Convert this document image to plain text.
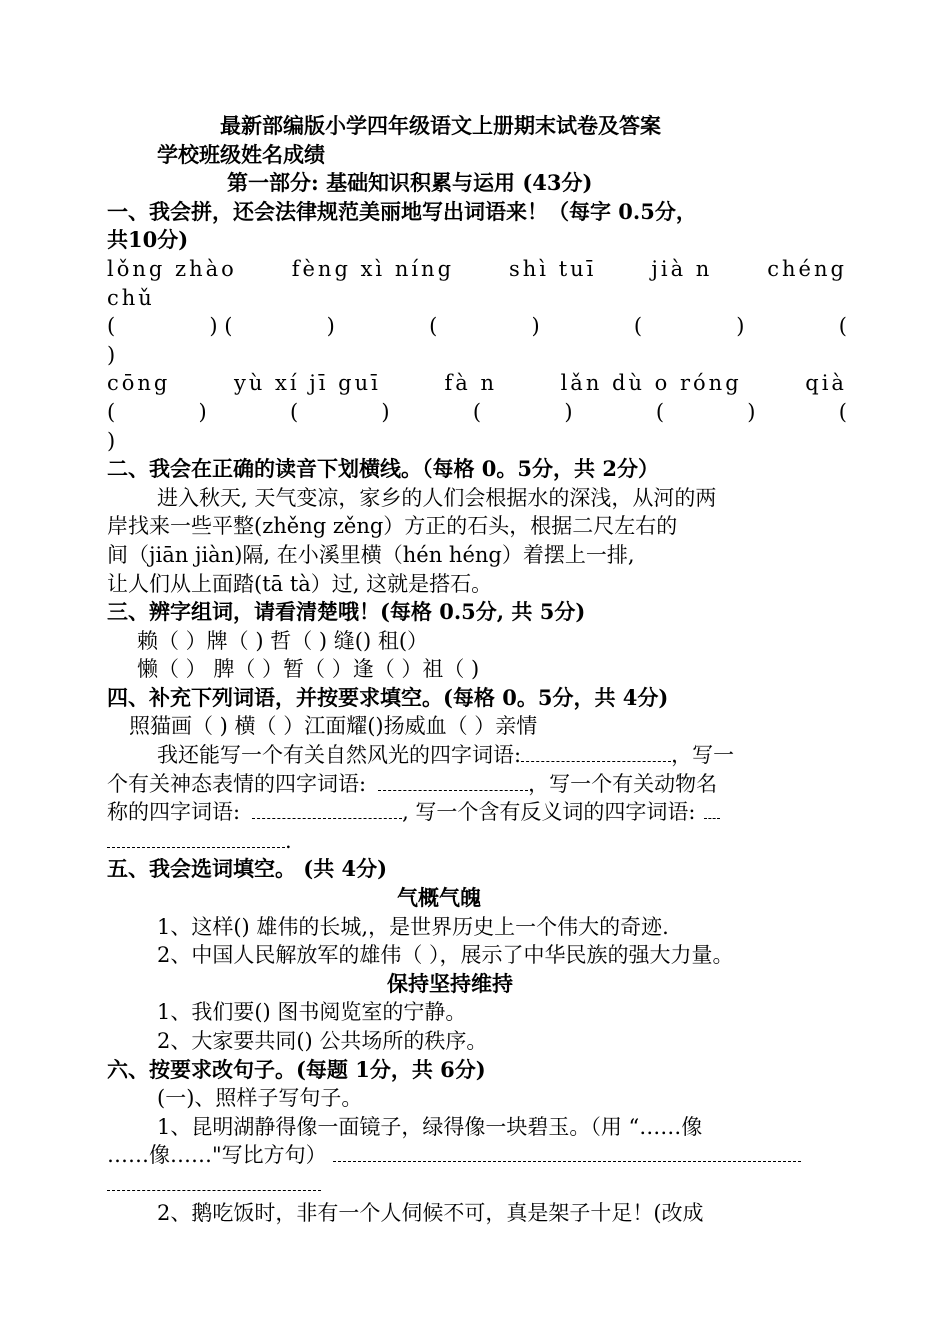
最新部编版小学四年级语文上册期末试卷及答案
学校班级姓名成绩
第一部分: 基础知识积累与运用 (43分)
一、我会拼，还会法律规范美丽地写出词语来！（每字 0.5分，
共10分)
lǒng zhào	fèng xì níng	shì tuī	jià n	chéng
chǔ
(	) (	)	(	)	(	)	(
)
cōng	yù xí jī guī	fà n	lǎn dù o róng	qià
(	)	(	)	(	)	(	)	(
)
二、我会在正确的读音下划横线。（每格 0。5分，共 2分）
进入秋天, 天气变凉，家乡的人们会根据水的深浅，从河的两
岸找来一些平整(zhěng zěng）方正的石头，根据二尺左右的
间（jiān jiàn)隔, 在小溪里横（hén héng）着摆上一排,
让人们从上面踏(tā tà）过, 这就是搭石。
三、辨字组词，请看清楚哦！(每格 0.5分, 共 5分)
赖（ ）牌（ ) 哲（ ) 缝() 租(）
懒（ ） 脾（ ）暂（ ）逢（ ）祖（ )
四、补充下列词语，并按要求填空。(每格 0。5分，共 4分)
照猫画（ ) 横（ ）江面耀()扬威血（ ）亲情
我还能写一个有关自然风光的四字词语:	，写一
个有关神态表情的四字词语:	，写一个有关动物名
称的四字词语:	, 写一个含有反义词的四字词语:
.
五、我会选词填空。 (共 4分)
气概气魄
1、这样() 雄伟的长城,，是世界历史上一个伟大的奇迹.
2、中国人民解放军的雄伟（ ），展示了中华民族的强大力量。
保持坚持维持
1、我们要() 图书阅览室的宁静。
2、大家要共同() 公共场所的秩序。
六、按要求改句子。(每题 1分，共 6分)
(一)、照样子写句子。
1、昆明湖静得像一面镜子，绿得像一块碧玉。（用 “……像
……像……"写比方句）
2、鹅吃饭时，非有一个人伺候不可，真是架子十足！(改成
